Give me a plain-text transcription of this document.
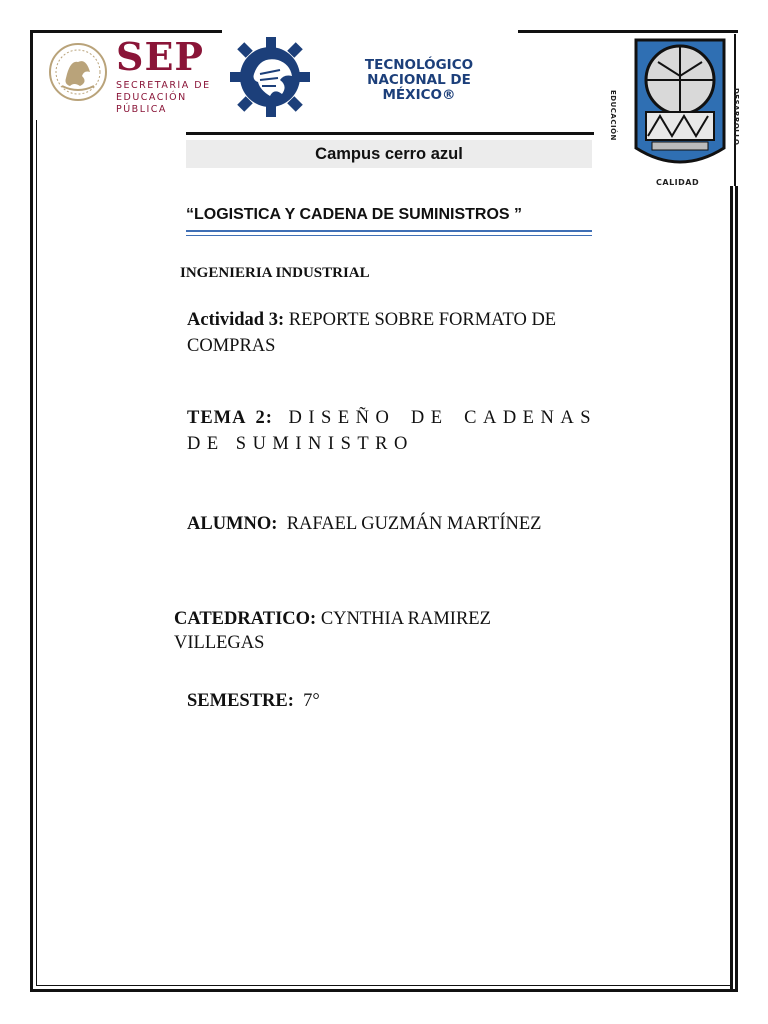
SEP
SECRETARÍA DE
EDUCACIÓN PÚBLICA
TECNOLÓGICO
NACIONAL DE MÉXICO®	EDUCACIÓN	DESARROLLO
CALIDAD
Campus cerro azul
“LOGISTICA Y CADENA DE SUMINISTROS ”
INGENIERIA INDUSTRIAL
Actividad 3: REPORTE SOBRE FORMATO DE COMPRAS
TEMA 2: DISEÑO DE CADENAS DE SUMINISTRO
ALUMNO:  RAFAEL GUZMÁN MARTÍNEZ
CATEDRATICO: CYNTHIA RAMIREZ VILLEGAS
SEMESTRE:  7°
